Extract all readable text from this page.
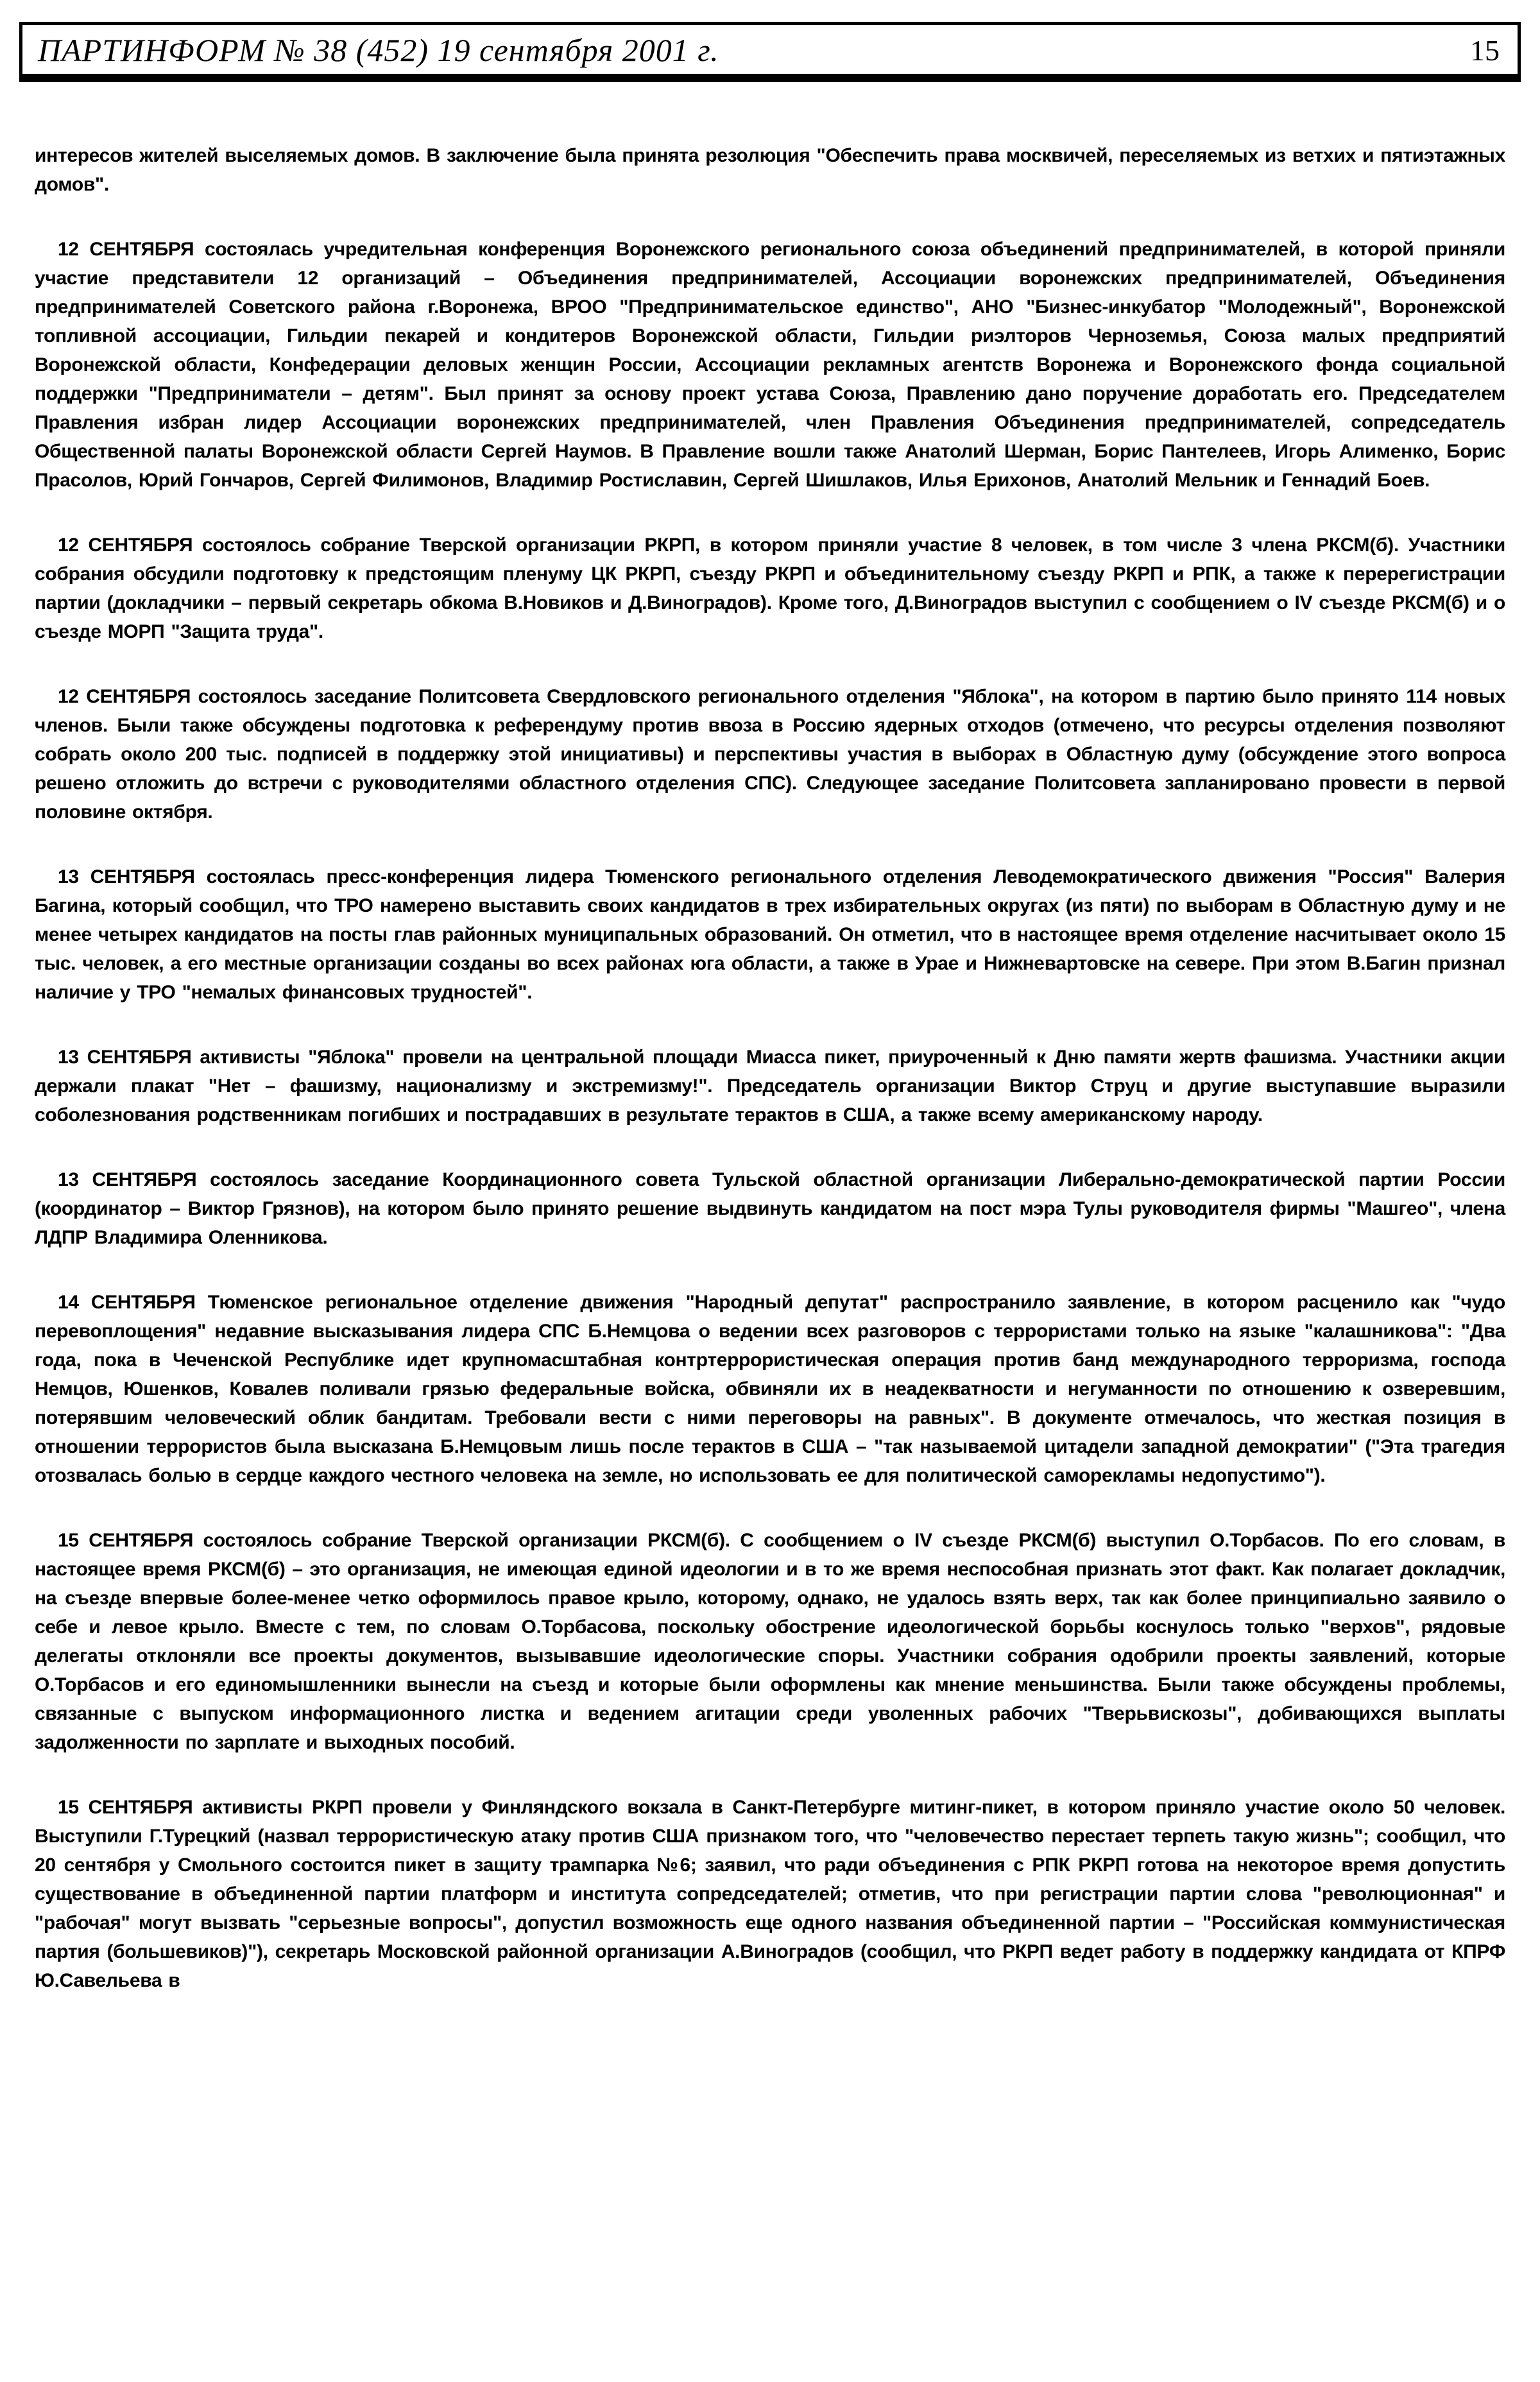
ПАРТИНФОРМ № 38 (452) 19 сентября 2001 г.	15

интересов жителей выселяемых домов. В заключение была принята резолюция "Обеспечить права москвичей, переселяемых из ветхих и пятиэтажных домов".

12 СЕНТЯБРЯ состоялась учредительная конференция Воронежского регионального союза объединений предпринимателей, в которой приняли участие представители 12 организаций – Объединения предпринимателей, Ассоциации воронежских предпринимателей, Объединения предпринимателей Советского района г.Воронежа, ВРОО "Предпринимательское единство", АНО "Бизнес-инкубатор "Молодежный", Воронежской топливной ассоциации, Гильдии пекарей и кондитеров Воронежской области, Гильдии риэлторов Черноземья, Союза малых предприятий Воронежской области, Конфедерации деловых женщин России, Ассоциации рекламных агентств Воронежа и Воронежского фонда социальной поддержки "Предприниматели – детям". Был принят за основу проект устава Союза, Правлению дано поручение доработать его. Председателем Правления избран лидер Ассоциации воронежских предпринимателей, член Правления Объединения предпринимателей, сопредседатель Общественной палаты Воронежской области Сергей Наумов. В Правление вошли также Анатолий Шерман, Борис Пантелеев, Игорь Алименко, Борис Прасолов, Юрий Гончаров, Сергей Филимонов, Владимир Ростиславин, Сергей Шишлаков, Илья Ерихонов, Анатолий Мельник и Геннадий Боев.

12 СЕНТЯБРЯ состоялось собрание Тверской организации РКРП, в котором приняли участие 8 человек, в том числе 3 члена РКСМ(б). Участники собрания обсудили подготовку к предстоящим пленуму ЦК РКРП, съезду РКРП и объединительному съезду РКРП и РПК, а также к перерегистрации партии (докладчики – первый секретарь обкома В.Новиков и Д.Виноградов). Кроме того, Д.Виноградов выступил с сообщением о IV съезде РКСМ(б) и о съезде МОРП "Защита труда".

12 СЕНТЯБРЯ состоялось заседание Политсовета Свердловского регионального отделения "Яблока", на котором в партию было принято 114 новых членов. Были также обсуждены подготовка к референдуму против ввоза в Россию ядерных отходов (отмечено, что ресурсы отделения позволяют собрать около 200 тыс. подписей в поддержку этой инициативы) и перспективы участия в выборах в Областную думу (обсуждение этого вопроса решено отложить до встречи с руководителями областного отделения СПС). Следующее заседание Политсовета запланировано провести в первой половине октября.

13 СЕНТЯБРЯ состоялась пресс-конференция лидера Тюменского регионального отделения Леводемократического движения "Россия" Валерия Багина, который сообщил, что ТРО намерено выставить своих кандидатов в трех избирательных округах (из пяти) по выборам в Областную думу и не менее четырех кандидатов на посты глав районных муниципальных образований. Он отметил, что в настоящее время отделение насчитывает около 15 тыс. человек, а его местные организации созданы во всех районах юга области, а также в Урае и Нижневартовске на севере. При этом В.Багин признал наличие у ТРО "немалых финансовых трудностей".

13 СЕНТЯБРЯ активисты "Яблока" провели на центральной площади Миасса пикет, приуроченный к Дню памяти жертв фашизма. Участники акции держали плакат "Нет – фашизму, национализму и экстремизму!". Председатель организации Виктор Струц и другие выступавшие выразили соболезнования родственникам погибших и пострадавших в результате терактов в США, а также всему американскому народу.

13 СЕНТЯБРЯ состоялось заседание Координационного совета Тульской областной организации Либерально-демократической партии России (координатор – Виктор Грязнов), на котором было принято решение выдвинуть кандидатом на пост мэра Тулы руководителя фирмы "Машгео", члена ЛДПР Владимира Оленникова.

14 СЕНТЯБРЯ Тюменское региональное отделение движения "Народный депутат" распространило заявление, в котором расценило как "чудо перевоплощения" недавние высказывания лидера СПС Б.Немцова о ведении всех разговоров с террористами только на языке "калашникова": "Два года, пока в Чеченской Республике идет крупномасштабная контртеррористическая операция против банд международного терроризма, господа Немцов, Юшенков, Ковалев поливали грязью федеральные войска, обвиняли их в неадекватности и негуманности по отношению к озверевшим, потерявшим человеческий облик бандитам. Требовали вести с ними переговоры на равных". В документе отмечалось, что жесткая позиция в отношении террористов была высказана Б.Немцовым лишь после терактов в США – "так называемой цитадели западной демократии" ("Эта трагедия отозвалась болью в сердце каждого честного человека на земле, но использовать ее для политической саморекламы недопустимо").

15 СЕНТЯБРЯ состоялось собрание Тверской организации РКСМ(б). С сообщением о IV съезде РКСМ(б) выступил О.Торбасов. По его словам, в настоящее время РКСМ(б) – это организация, не имеющая единой идеологии и в то же время неспособная признать этот факт. Как полагает докладчик, на съезде впервые более-менее четко оформилось правое крыло, которому, однако, не удалось взять верх, так как более принципиально заявило о себе и левое крыло. Вместе с тем, по словам О.Торбасова, поскольку обострение идеологической борьбы коснулось только "верхов", рядовые делегаты отклоняли все проекты документов, вызывавшие идеологические споры. Участники собрания одобрили проекты заявлений, которые О.Торбасов и его единомышленники вынесли на съезд и которые были оформлены как мнение меньшинства. Были также обсуждены проблемы, связанные с выпуском информационного листка и ведением агитации среди уволенных рабочих "Тверьвискозы", добивающихся выплаты задолженности по зарплате и выходных пособий.

15 СЕНТЯБРЯ активисты РКРП провели у Финляндского вокзала в Санкт-Петербурге митинг-пикет, в котором приняло участие около 50 человек. Выступили Г.Турецкий (назвал террористическую атаку против США признаком того, что "человечество перестает терпеть такую жизнь"; сообщил, что 20 сентября у Смольного состоится пикет в защиту трампарка №6; заявил, что ради объединения с РПК РКРП готова на некоторое время допустить существование в объединенной партии платформ и института сопредседателей; отметив, что при регистрации партии слова "революционная" и "рабочая" могут вызвать "серьезные вопросы", допустил возможность еще одного названия объединенной партии – "Российская коммунистическая партия (большевиков)"), секретарь Московской районной организации А.Виноградов (сообщил, что РКРП ведет работу в поддержку кандидата от КПРФ Ю.Савельева в
